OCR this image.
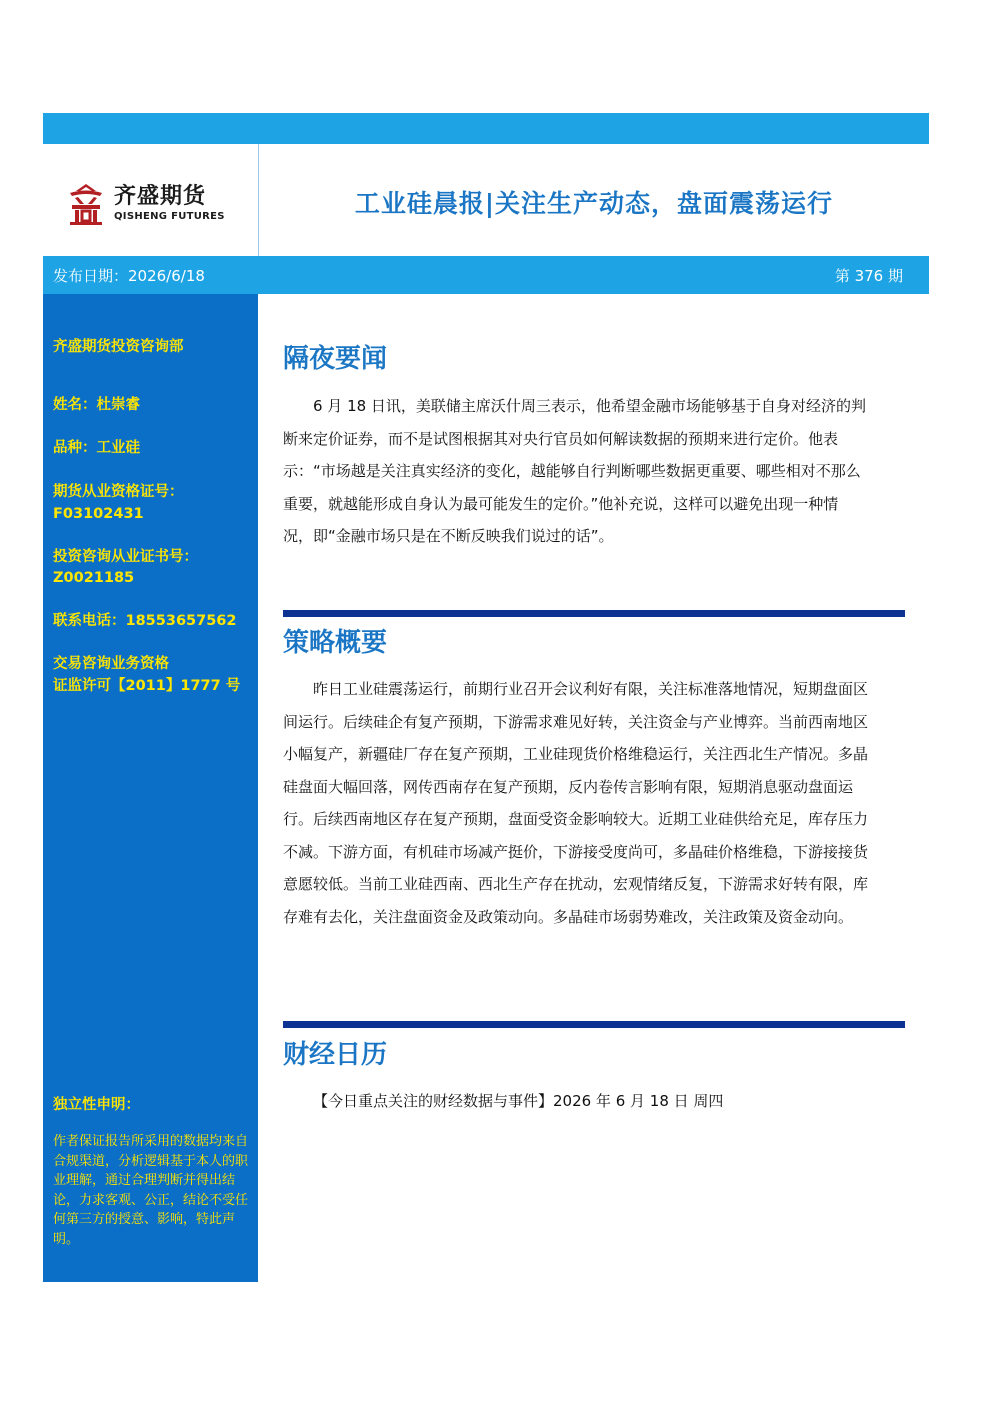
齐盛期货
QISHENG FUTURES	工业硅晨报|关注生产动态，盘面震荡运行
发布日期：2026/6/18	第 376 期
齐盛期货投资咨询部
姓名：杜崇睿
品种：工业硅
期货从业资格证号：
F03102431
投资咨询从业证书号：
Z0021185
联系电话：18553657562
交易咨询业务资格
证监许可【2011】1777 号
独立性申明：
作者保证报告所采用的数据均来自合规渠道，分析逻辑基于本人的职业理解，通过合理判断并得出结论，力求客观、公正，结论不受任何第三方的授意、影响，特此声明。
隔夜要闻

6 月 18 日讯，美联储主席沃什周三表示，他希望金融市场能够基于自身对经济的判断来定价证券，而不是试图根据其对央行官员如何解读数据的预期来进行定价。他表示：“市场越是关注真实经济的变化，越能够自行判断哪些数据更重要、哪些相对不那么重要，就越能形成自身认为最可能发生的定价。”他补充说，这样可以避免出现一种情况，即“金融市场只是在不断反映我们说过的话”。

策略概要

昨日工业硅震荡运行，前期行业召开会议利好有限，关注标准落地情况，短期盘面区间运行。后续硅企有复产预期，下游需求难见好转，关注资金与产业博弈。当前西南地区小幅复产，新疆硅厂存在复产预期，工业硅现货价格维稳运行，关注西北生产情况。多晶硅盘面大幅回落，网传西南存在复产预期，反内卷传言影响有限，短期消息驱动盘面运行。后续西南地区存在复产预期，盘面受资金影响较大。近期工业硅供给充足，库存压力不减。下游方面，有机硅市场减产挺价，下游接受度尚可，多晶硅价格维稳，下游接接货意愿较低。当前工业硅西南、西北生产存在扰动，宏观情绪反复，下游需求好转有限，库存难有去化，关注盘面资金及政策动向。多晶硅市场弱势难改，关注政策及资金动向。

财经日历
【今日重点关注的财经数据与事件】2026 年 6 月 18 日 周四
